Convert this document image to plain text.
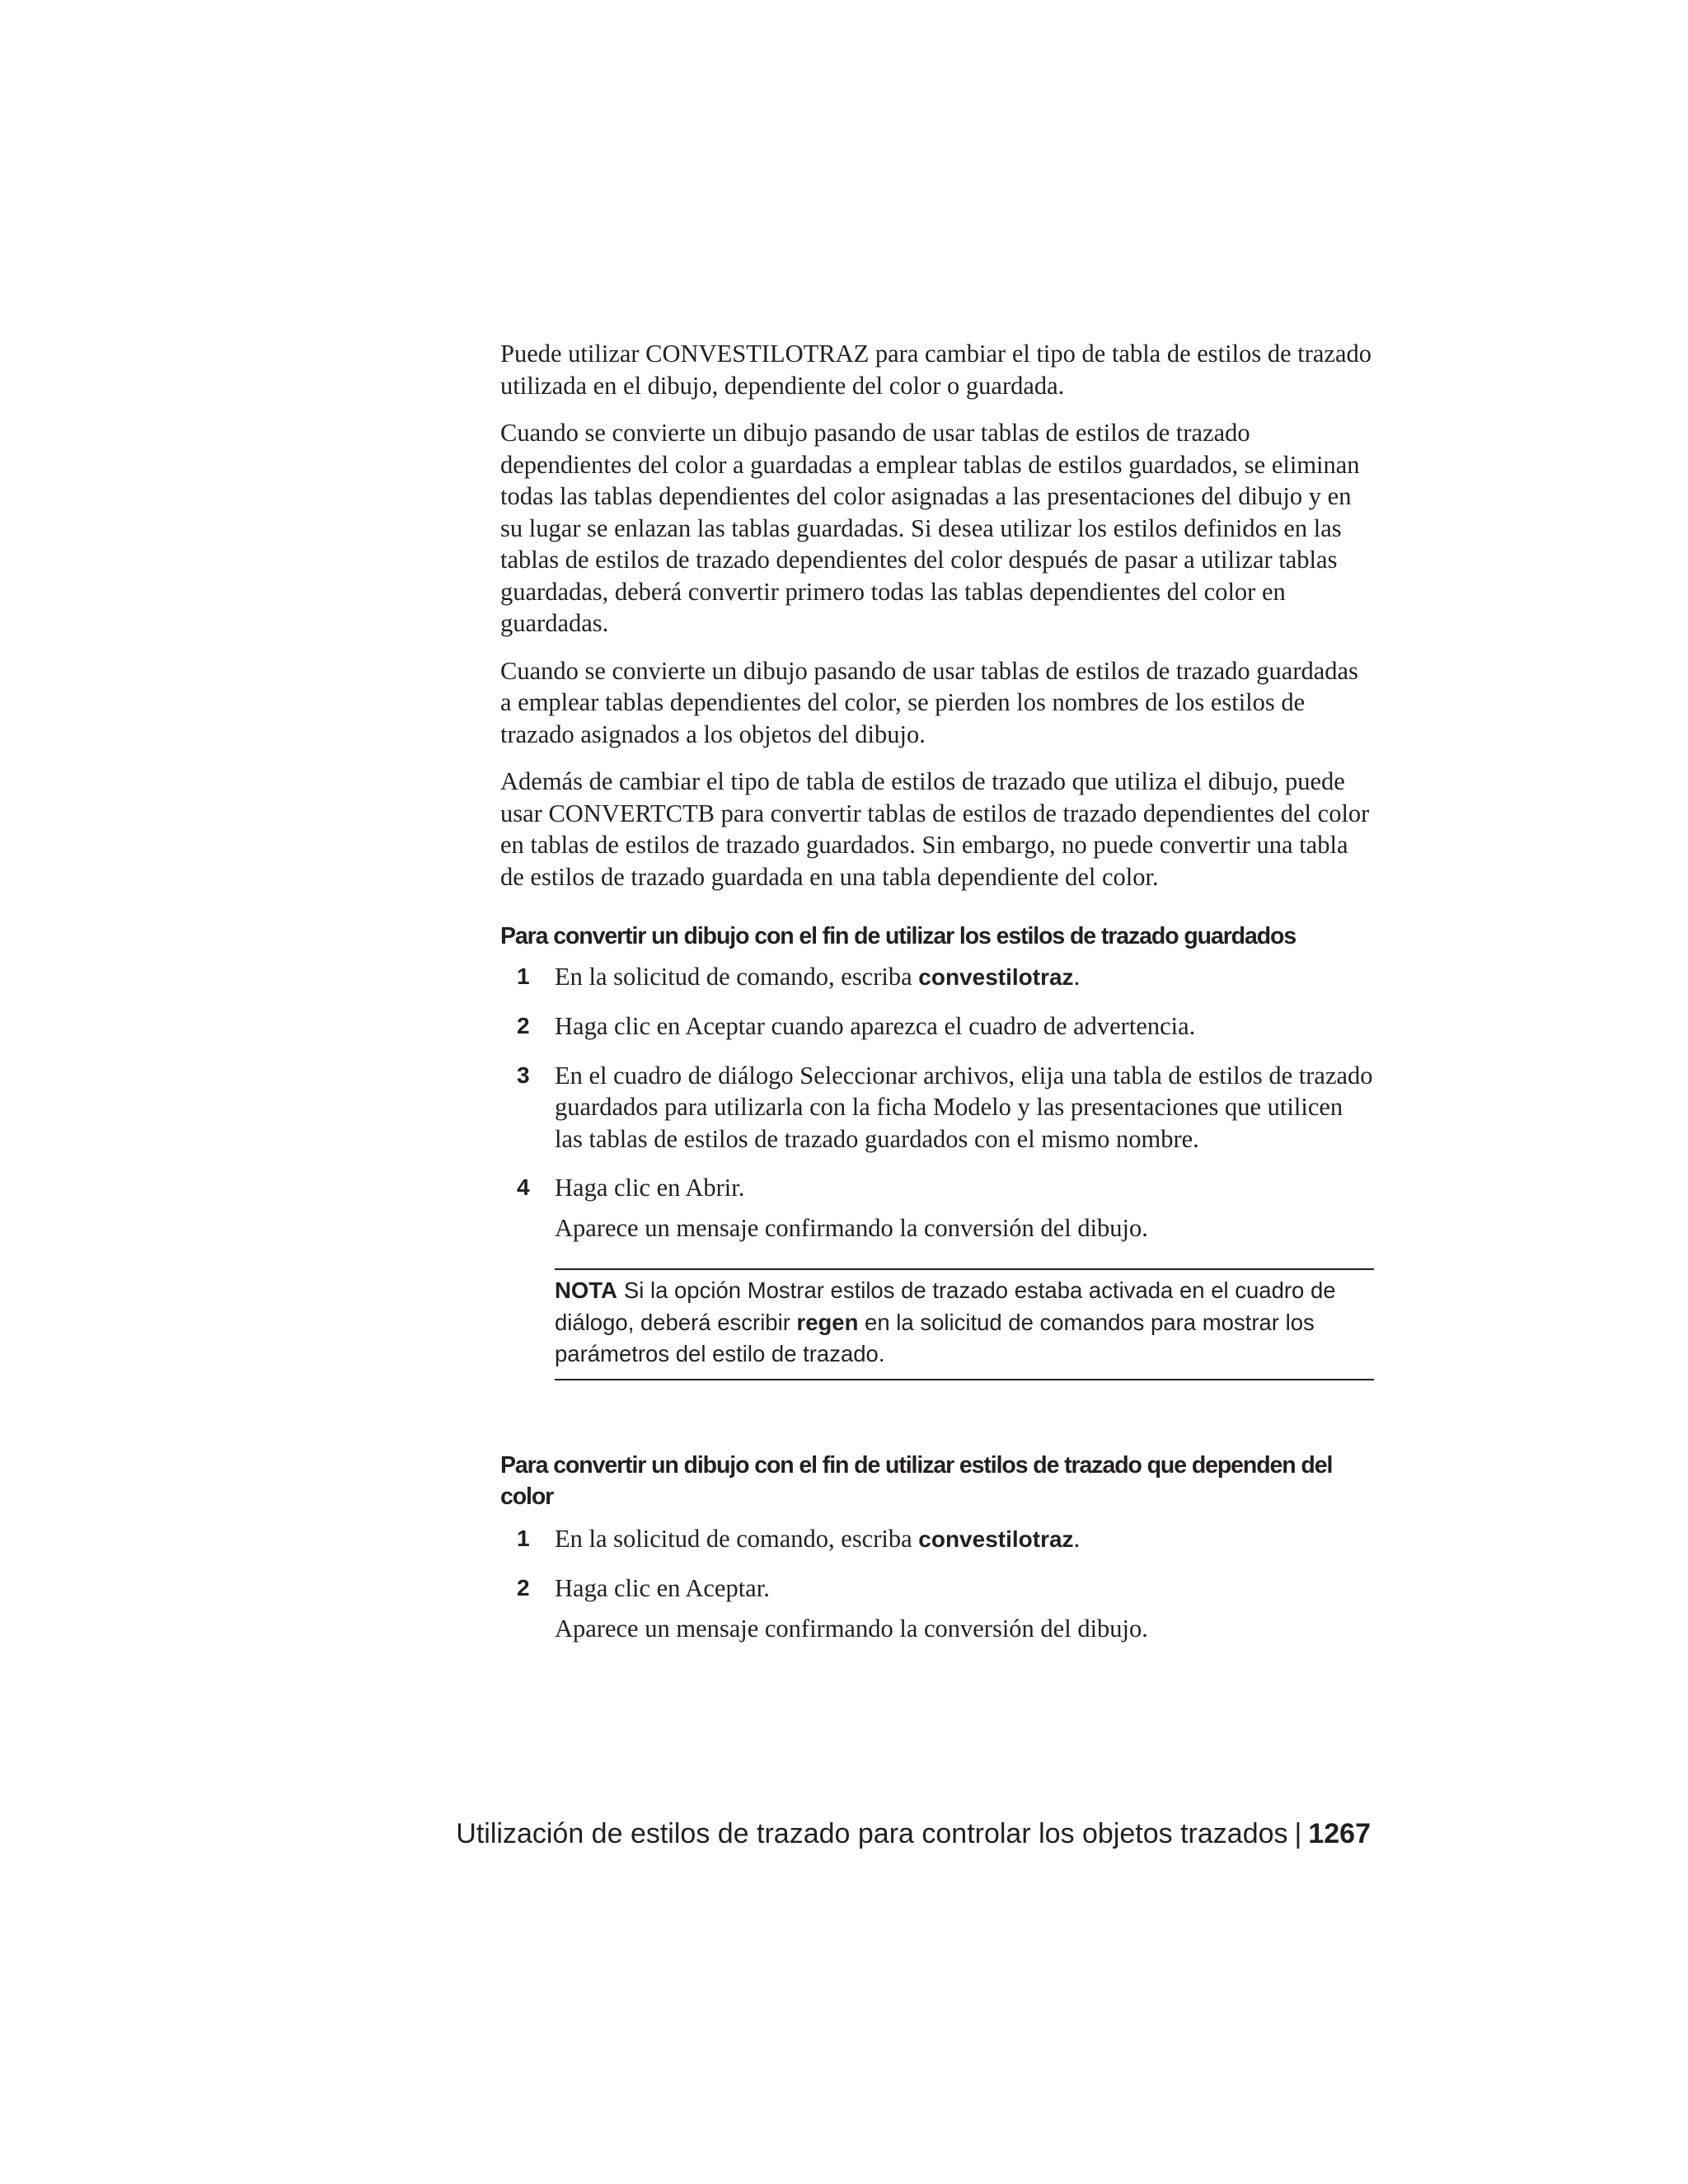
Puede utilizar CONVESTILOTRAZ para cambiar el tipo de tabla de estilos de trazado utilizada en el dibujo, dependiente del color o guardada.

Cuando se convierte un dibujo pasando de usar tablas de estilos de trazado dependientes del color a guardadas a emplear tablas de estilos guardados, se eliminan todas las tablas dependientes del color asignadas a las presentaciones del dibujo y en su lugar se enlazan las tablas guardadas. Si desea utilizar los estilos definidos en las tablas de estilos de trazado dependientes del color después de pasar a utilizar tablas guardadas, deberá convertir primero todas las tablas dependientes del color en guardadas.

Cuando se convierte un dibujo pasando de usar tablas de estilos de trazado guardadas a emplear tablas dependientes del color, se pierden los nombres de los estilos de trazado asignados a los objetos del dibujo.

Además de cambiar el tipo de tabla de estilos de trazado que utiliza el dibujo, puede usar CONVERTCTB para convertir tablas de estilos de trazado dependientes del color en tablas de estilos de trazado guardados. Sin embargo, no puede convertir una tabla de estilos de trazado guardada en una tabla dependiente del color.

Para convertir un dibujo con el fin de utilizar los estilos de trazado guardados
1 En la solicitud de comando, escriba convestilotraz.

2 Haga clic en Aceptar cuando aparezca el cuadro de advertencia.

3 En el cuadro de diálogo Seleccionar archivos, elija una tabla de estilos de trazado guardados para utilizarla con la ficha Modelo y las presentaciones que utilicen las tablas de estilos de trazado guardados con el mismo nombre.

4 Haga clic en Abrir.

Aparece un mensaje confirmando la conversión del dibujo.

NOTA Si la opción Mostrar estilos de trazado estaba activada en el cuadro de diálogo, deberá escribir regen en la solicitud de comandos para mostrar los parámetros del estilo de trazado.
Para convertir un dibujo con el fin de utilizar estilos de trazado que dependen del color
1 En la solicitud de comando, escriba convestilotraz.

2 Haga clic en Aceptar.

Aparece un mensaje confirmando la conversión del dibujo.

Utilización de estilos de trazado para controlar los objetos trazados | 1267
